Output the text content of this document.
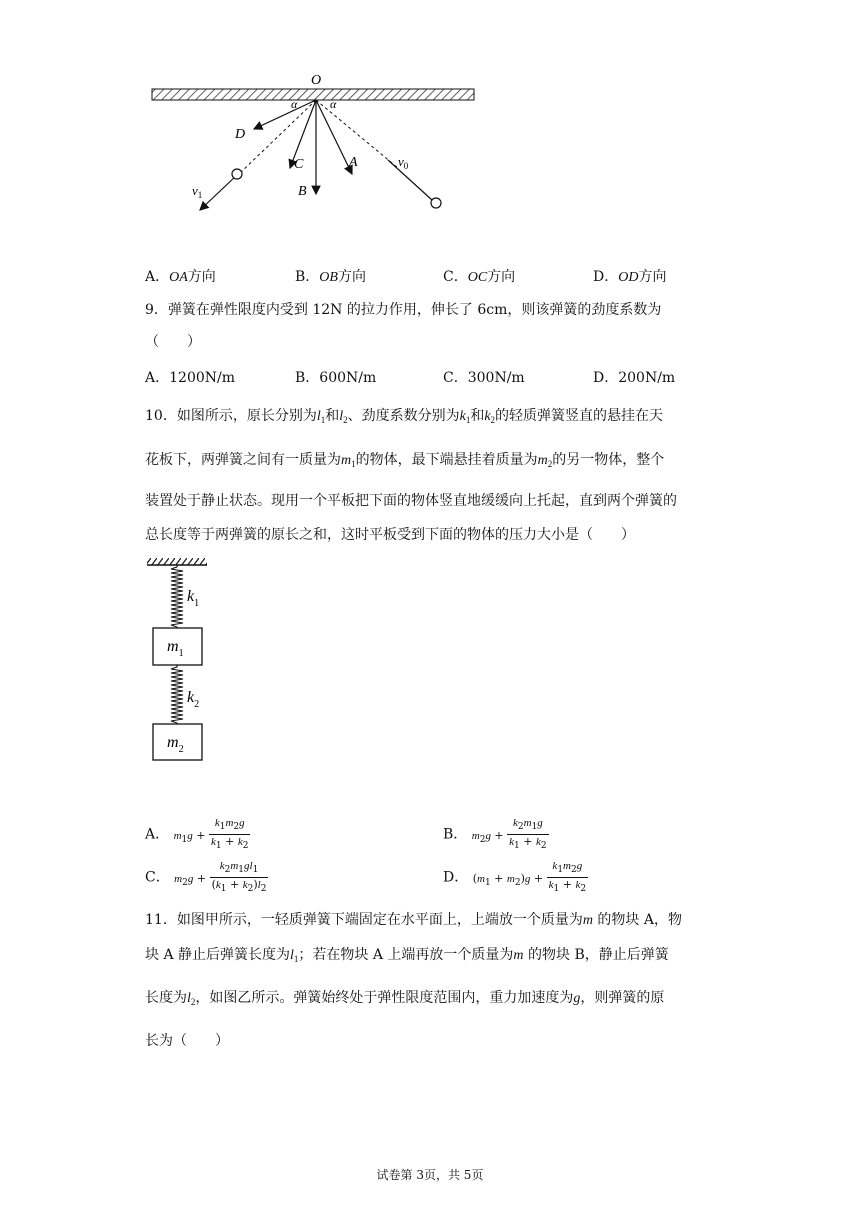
O
α	α
D
C
B
A
$v_1$
$v_0$
A．OA方向	B．OB方向	C．OC方向	D．OD方向
9．弹簧在弹性限度内受到 12N 的拉力作用，伸长了 6cm，则该弹簧的劲度系数为
（　　）
A．1200N/m	B．600N/m	C．300N/m	D．200N/m
10．如图所示，原长分别为$l_1$和$l_2$、劲度系数分别为$k_1$和$k_2$的轻质弹簧竖直的悬挂在天
花板下，两弹簧之间有一质量为$m_1$的物体，最下端悬挂着质量为$m_2$的另一物体，整个
装置处于静止状态。现用一个平板把下面的物体竖直地缓缓向上托起，直到两个弹簧的
总长度等于两弹簧的原长之和，这时平板受到下面的物体的压力大小是（　　）
$k_1$
$m_1$
$k_2$
$m_2$
A． $m_1g + \frac{k_1m_2g}{k_1 + k_2}$	B． $m_2g + \frac{k_2m_1g}{k_1 + k_2}$
C． $m_2g + \frac{k_2m_1gl_1}{(k_1 + k_2)l_2}$	D． $(m_1 + m_2)g + \frac{k_1m_2g}{k_1 + k_2}$
11．如图甲所示，一轻质弹簧下端固定在水平面上，上端放一个质量为m 的物块 A，物
块 A 静止后弹簧长度为$l_1$；若在物块 A 上端再放一个质量为m 的物块 B，静止后弹簧
长度为$l_2$，如图乙所示。弹簧始终处于弹性限度范围内，重力加速度为g，则弹簧的原
长为（　　）
试卷第 3页，共 5页
